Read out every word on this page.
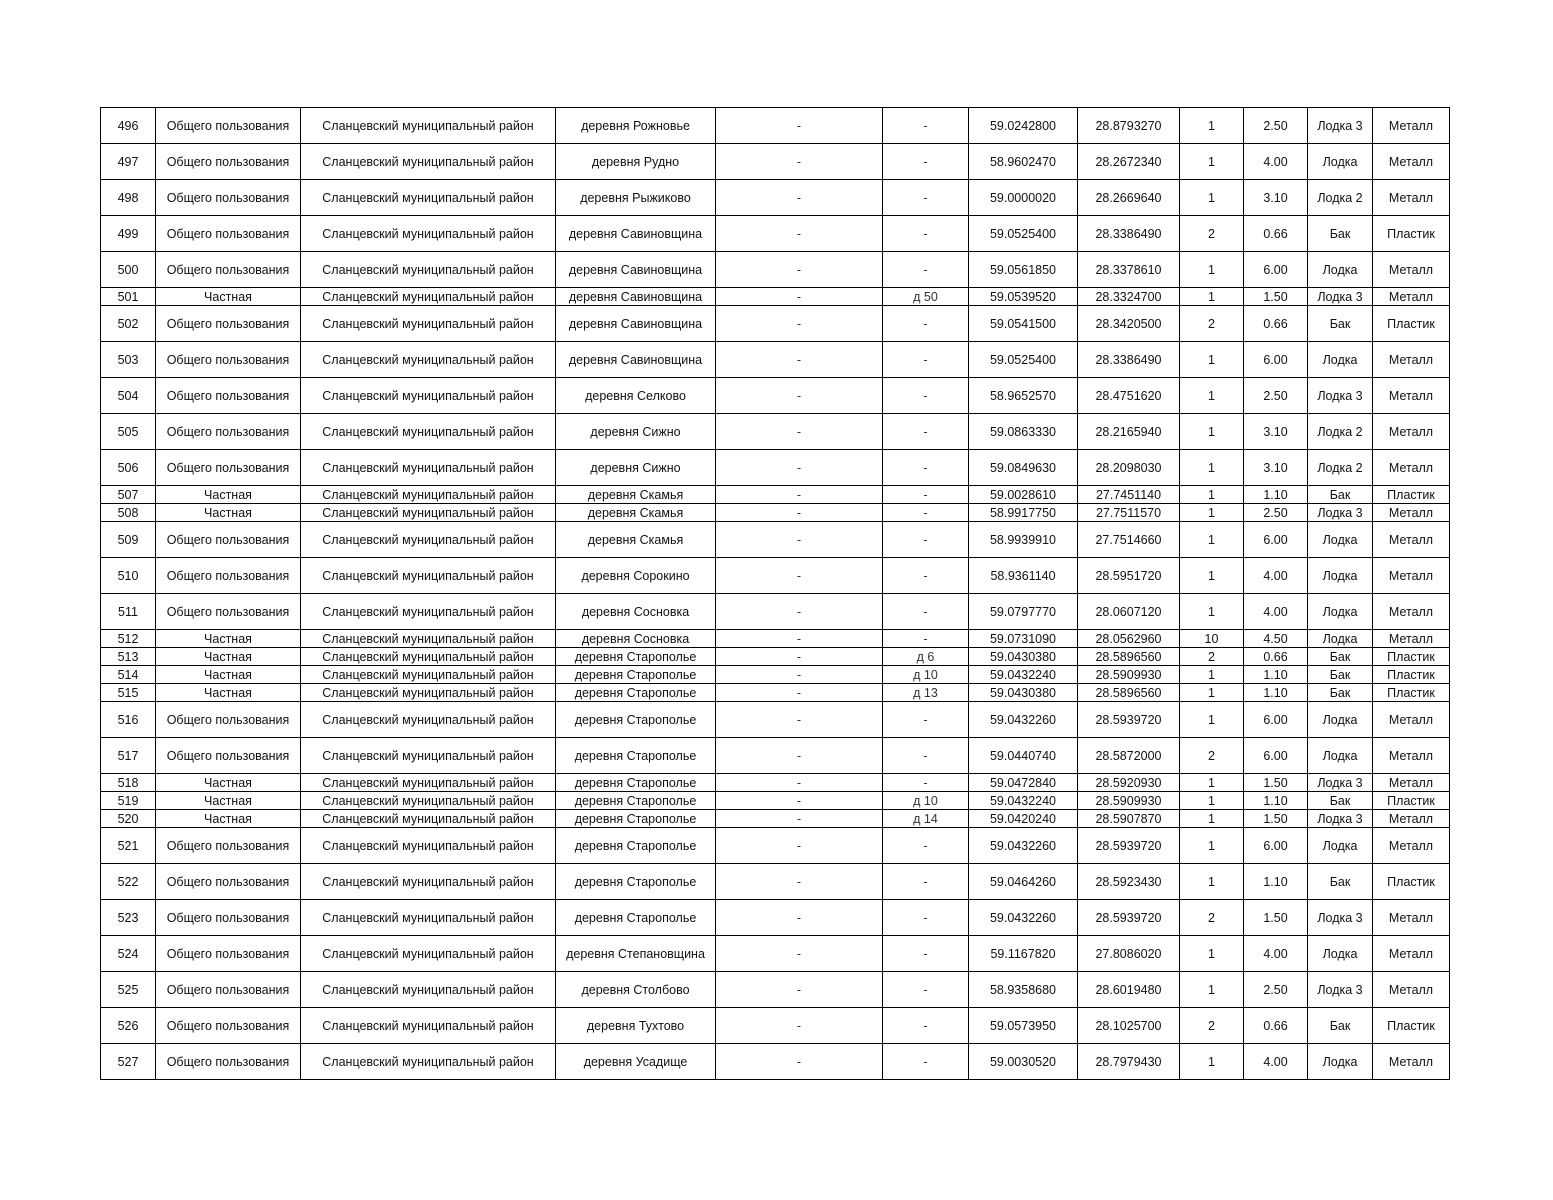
496	Общего пользования	Сланцевский муниципальный район	деревня Рожновье	-	-	59.0242800	28.8793270	1	2.50	Лодка 3	Металл
497	Общего пользования	Сланцевский муниципальный район	деревня Рудно	-	-	58.9602470	28.2672340	1	4.00	Лодка	Металл
498	Общего пользования	Сланцевский муниципальный район	деревня Рыжиково	-	-	59.0000020	28.2669640	1	3.10	Лодка 2	Металл
499	Общего пользования	Сланцевский муниципальный район	деревня Савиновщина	-	-	59.0525400	28.3386490	2	0.66	Бак	Пластик
500	Общего пользования	Сланцевский муниципальный район	деревня Савиновщина	-	-	59.0561850	28.3378610	1	6.00	Лодка	Металл
501	Частная	Сланцевский муниципальный район	деревня Савиновщина	-	д 50	59.0539520	28.3324700	1	1.50	Лодка 3	Металл
502	Общего пользования	Сланцевский муниципальный район	деревня Савиновщина	-	-	59.0541500	28.3420500	2	0.66	Бак	Пластик
503	Общего пользования	Сланцевский муниципальный район	деревня Савиновщина	-	-	59.0525400	28.3386490	1	6.00	Лодка	Металл
504	Общего пользования	Сланцевский муниципальный район	деревня Селково	-	-	58.9652570	28.4751620	1	2.50	Лодка 3	Металл
505	Общего пользования	Сланцевский муниципальный район	деревня Сижно	-	-	59.0863330	28.2165940	1	3.10	Лодка 2	Металл
506	Общего пользования	Сланцевский муниципальный район	деревня Сижно	-	-	59.0849630	28.2098030	1	3.10	Лодка 2	Металл
507	Частная	Сланцевский муниципальный район	деревня Скамья	-	-	59.0028610	27.7451140	1	1.10	Бак	Пластик
508	Частная	Сланцевский муниципальный район	деревня Скамья	-	-	58.9917750	27.7511570	1	2.50	Лодка 3	Металл
509	Общего пользования	Сланцевский муниципальный район	деревня Скамья	-	-	58.9939910	27.7514660	1	6.00	Лодка	Металл
510	Общего пользования	Сланцевский муниципальный район	деревня Сорокино	-	-	58.9361140	28.5951720	1	4.00	Лодка	Металл
511	Общего пользования	Сланцевский муниципальный район	деревня Сосновка	-	-	59.0797770	28.0607120	1	4.00	Лодка	Металл
512	Частная	Сланцевский муниципальный район	деревня Сосновка	-	-	59.0731090	28.0562960	10	4.50	Лодка	Металл
513	Частная	Сланцевский муниципальный район	деревня Старополье	-	д 6	59.0430380	28.5896560	2	0.66	Бак	Пластик
514	Частная	Сланцевский муниципальный район	деревня Старополье	-	д 10	59.0432240	28.5909930	1	1.10	Бак	Пластик
515	Частная	Сланцевский муниципальный район	деревня Старополье	-	д 13	59.0430380	28.5896560	1	1.10	Бак	Пластик
516	Общего пользования	Сланцевский муниципальный район	деревня Старополье	-	-	59.0432260	28.5939720	1	6.00	Лодка	Металл
517	Общего пользования	Сланцевский муниципальный район	деревня Старополье	-	-	59.0440740	28.5872000	2	6.00	Лодка	Металл
518	Частная	Сланцевский муниципальный район	деревня Старополье	-	-	59.0472840	28.5920930	1	1.50	Лодка 3	Металл
519	Частная	Сланцевский муниципальный район	деревня Старополье	-	д 10	59.0432240	28.5909930	1	1.10	Бак	Пластик
520	Частная	Сланцевский муниципальный район	деревня Старополье	-	д 14	59.0420240	28.5907870	1	1.50	Лодка 3	Металл
521	Общего пользования	Сланцевский муниципальный район	деревня Старополье	-	-	59.0432260	28.5939720	1	6.00	Лодка	Металл
522	Общего пользования	Сланцевский муниципальный район	деревня Старополье	-	-	59.0464260	28.5923430	1	1.10	Бак	Пластик
523	Общего пользования	Сланцевский муниципальный район	деревня Старополье	-	-	59.0432260	28.5939720	2	1.50	Лодка 3	Металл
524	Общего пользования	Сланцевский муниципальный район	деревня Степановщина	-	-	59.1167820	27.8086020	1	4.00	Лодка	Металл
525	Общего пользования	Сланцевский муниципальный район	деревня Столбово	-	-	58.9358680	28.6019480	1	2.50	Лодка 3	Металл
526	Общего пользования	Сланцевский муниципальный район	деревня Тухтово	-	-	59.0573950	28.1025700	2	0.66	Бак	Пластик
527	Общего пользования	Сланцевский муниципальный район	деревня Усадище	-	-	59.0030520	28.7979430	1	4.00	Лодка	Металл
